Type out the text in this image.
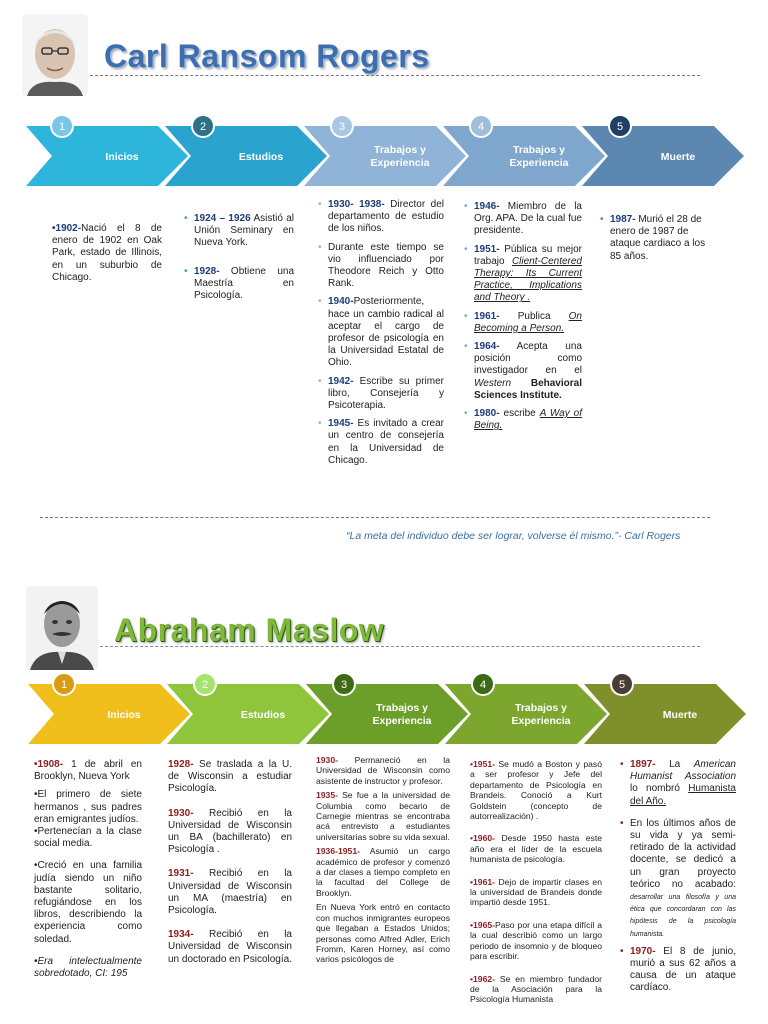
Carl Ransom Rogers
Inicios
1
Estudios
2
Trabajos y Experiencia
3
Trabajos y Experiencia
4
Muerte
5

•1902-Nació el 8 de enero de 1902 en Oak Park, estado de Illinois, en un suburbio de Chicago.

• 1924 – 1926 Asistió al Unión Seminary en Nueva York.
• 1928- Obtiene una Maestría en Psicología.
• 1930- 1938- Director del departamento de estudio de los niños.
• Durante este tiempo se vio influenciado por Theodore Reich y Otto Rank.
• 1940-Posteriormente, hace un cambio radical al aceptar el cargo de profesor de psicología en la Universidad Estatal de Ohio.
• 1942- Escribe su primer libro, Consejería y Psicoterapia.
• 1945- Es invitado a crear un centro de consejería en la Universidad de Chicago.
• 1946- Miembro de la Org. APA. De la cual fue presidente.
• 1951- Pública su mejor trabajo Client-Centered Therapy: Its Current Practice, Implications and Theory .
• 1961- Publica On Becoming a Person.
• 1964- Acepta una posición como investigador en el Western Behavioral Sciences Institute.
• 1980- escribe A Way of Being.
• 1987- Murió el 28 de enero de 1987 de ataque cardiaco a los 85 años.
“La meta del individuo debe ser lograr, volverse él mismo.”- Carl Rogers
Abraham Maslow
Inicios
1
Estudios
2
Trabajos y Experiencia
3
Trabajos y Experiencia
4
Muerte
5

•1908- 1 de abril en Brooklyn, Nueva York

•El primero de siete hermanos , sus padres eran emigrantes judíos.

•Pertenecían a la clase social media.

•Creció en una familia judía siendo un niño bastante solitario, refugiándose en los libros, describiendo la experiencia como soledad.

•Era intelectualmente sobredotado, CI: 195

1928- Se traslada a la U. de Wisconsin a estudiar Psicología.
1930- Recibió en la Universidad de Wisconsin un BA (bachillerato) en Psicología .
1931- Recibió en la Universidad de Wisconsin un MA (maestría) en Psicología.
1934- Recibió en la Universidad de Wisconsin un doctorado en Psicología.
1930- Permaneció en la Universidad de Wisconsin como asistente de instructor y profesor.
1935- Se fue a la universidad de Columbia como becario de Carnegie mientras se encontraba acá entrevisto a estudiantes universitarias sobre su vida sexual.
1936-1951- Asumió un cargo académico de profesor y comenzó a dar clases a tiempo completo en la facultad del College de Brooklyn.
En Nueva York entró en contacto con muchos inmigrantes europeos que llegaban a Estados Unidos; personas como Alfred Adler, Erich Fromm, Karen Horney, así como varios psicólogos de
•1951- Se mudó a Boston y pasó a ser profesor y Jefe del departamento de Psicología en Brandeis. Conoció a Kurt Goldstein (concepto de autorrealización) .
•1960- Desde 1950 hasta este año era el líder de la escuela humanista de psicología.
•1961- Dejo de impartir clases en la universidad de Brandeis donde impartió desde 1951.
•1965-Paso por una etapa difícil a la cual describió como un largo periodo de insomnio y de bloqueo para escribir.
•1962- Se en miembro fundador de la Asociación para la Psicología Humanista
• 1897- La American Humanist Association lo nombró Humanista del Año.
• En los últimos años de su vida y ya semi-retirado de la actividad docente, se dedicó a un gran proyecto teórico no acabado: desarrollar una filosofía y una ética que concordaran con las hipótesis de la psicología humanista.
• 1970- El 8 de junio, murió a sus 62 años a causa de un ataque cardíaco.
